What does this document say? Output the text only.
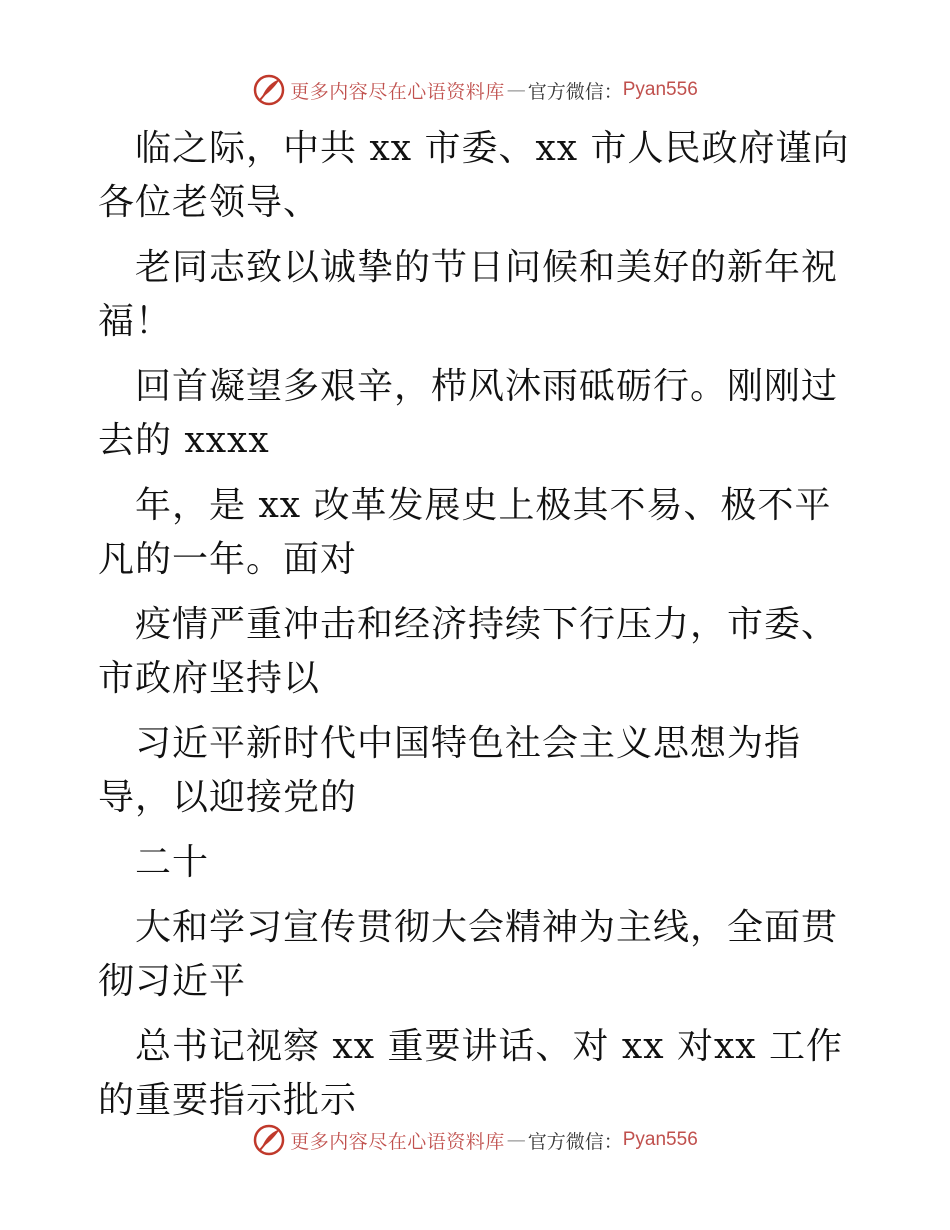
更多内容尽在心语资料库 — 官方微信： Pyan556

临之际，中共 xx 市委、xx 市人民政府谨向各位老领导、

老同志致以诚挚的节日问候和美好的新年祝福！

回首凝望多艰辛，栉风沐雨砥砺行。刚刚过去的 xxxx

年，是 xx 改革发展史上极其不易、极不平凡的一年。面对

疫情严重冲击和经济持续下行压力，市委、市政府坚持以

习近平新时代中国特色社会主义思想为指导，以迎接党的

二十

大和学习宣传贯彻大会精神为主线，全面贯彻习近平

总书记视察 xx 重要讲话、对 xx 对xx 工作的重要指示批示

更多内容尽在心语资料库 — 官方微信： Pyan556
